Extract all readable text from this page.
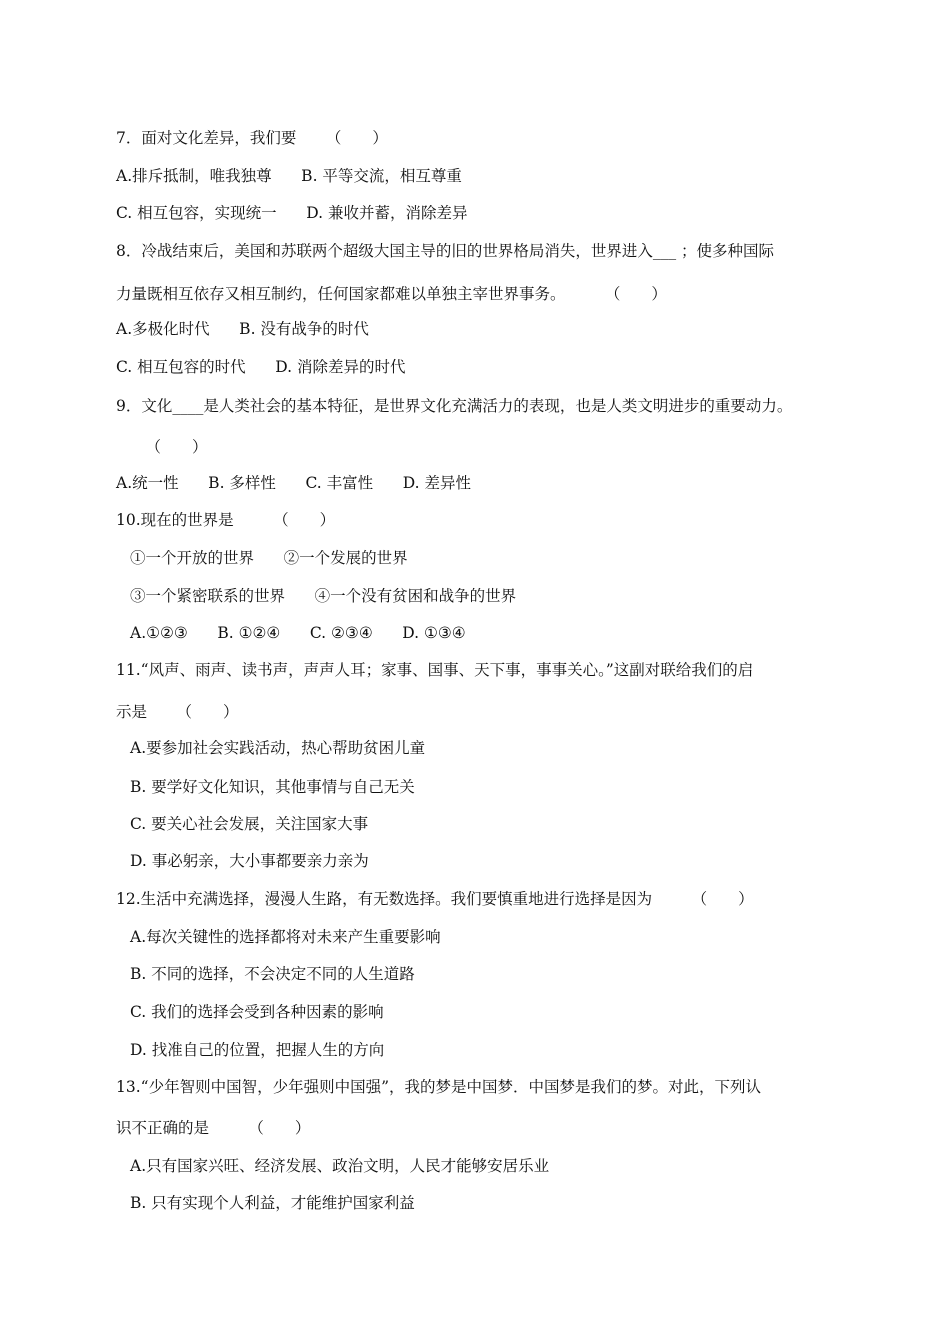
7．面对文化差异，我们要      （　　）
A.排斥抵制，唯我独尊      B. 平等交流，相互尊重
C. 相互包容，实现统一      D. 兼收并蓄，消除差异
8．冷战结束后，美国和苏联两个超级大国主导的旧的世界格局消失，世界进入___ ；使多种国际
力量既相互依存又相互制约，任何国家都难以单独主宰世界事务。        （　　）
A.多极化时代      B. 没有战争的时代
C. 相互包容的时代      D. 消除差异的时代
9．文化____是人类社会的基本特征，是世界文化充满活力的表现，也是人类文明进步的重要动力。
（　　）
A.统一性      B. 多样性      C. 丰富性      D. 差异性
10.现在的世界是        （　　）
①一个开放的世界      ②一个发展的世界
③一个紧密联系的世界      ④一个没有贫困和战争的世界
A.①②③      B. ①②④      C. ②③④      D. ①③④
11.“风声、雨声、读书声，声声人耳；家事、国事、天下事，事事关心。”这副对联给我们的启
示是      （　　）
A.要参加社会实践活动，热心帮助贫困儿童
B. 要学好文化知识，其他事情与自己无关
C. 要关心社会发展，关注国家大事
D. 事必躬亲，大小事都要亲力亲为
12.生活中充满选择，漫漫人生路，有无数选择。我们要慎重地进行选择是因为        （　　）
A.每次关键性的选择都将对未来产生重要影响
B. 不同的选择，不会决定不同的人生道路
C. 我们的选择会受到各种因素的影响
D. 找准自己的位置，把握人生的方向
13.“少年智则中国智，少年强则中国强”，我的梦是中国梦．中国梦是我们的梦。对此，下列认
识不正确的是        （　　）
A.只有国家兴旺、经济发展、政治文明，人民才能够安居乐业
B. 只有实现个人利益，才能维护国家利益
